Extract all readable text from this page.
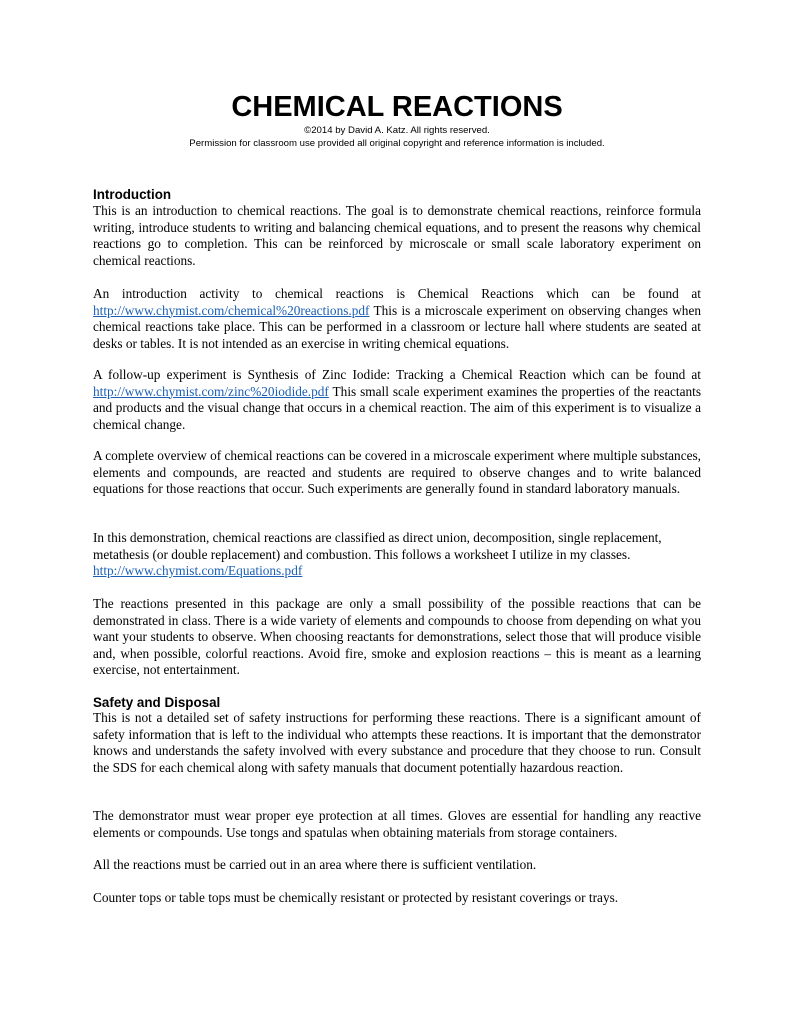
CHEMICAL REACTIONS

©2014 by David A. Katz. All rights reserved.

Permission for classroom use provided all original copyright and reference information is included.

Introduction

This is an introduction to chemical reactions. The goal is to demonstrate chemical reactions, reinforce formula writing, introduce students to writing and balancing chemical equations, and to present the reasons why chemical reactions go to completion. This can be reinforced by microscale or small scale laboratory experiment on chemical reactions.

An introduction activity to chemical reactions is Chemical Reactions which can be found at http://www.chymist.com/chemical%20reactions.pdf This is a microscale experiment on observing changes when chemical reactions take place. This can be performed in a classroom or lecture hall where students are seated at desks or tables. It is not intended as an exercise in writing chemical equations.

A follow-up experiment is Synthesis of Zinc Iodide: Tracking a Chemical Reaction which can be found at http://www.chymist.com/zinc%20iodide.pdf This small scale experiment examines the properties of the reactants and products and the visual change that occurs in a chemical reaction. The aim of this experiment is to visualize a chemical change.

A complete overview of chemical reactions can be covered in a microscale experiment where multiple substances, elements and compounds, are reacted and students are required to observe changes and to write balanced equations for those reactions that occur. Such experiments are generally found in standard laboratory manuals.

In this demonstration, chemical reactions are classified as direct union, decomposition, single replacement, metathesis (or double replacement) and combustion. This follows a worksheet I utilize in my classes. http://www.chymist.com/Equations.pdf

The reactions presented in this package are only a small possibility of the possible reactions that can be demonstrated in class. There is a wide variety of elements and compounds to choose from depending on what you want your students to observe. When choosing reactants for demonstrations, select those that will produce visible and, when possible, colorful reactions. Avoid fire, smoke and explosion reactions – this is meant as a learning exercise, not entertainment.

Safety and Disposal

This is not a detailed set of safety instructions for performing these reactions. There is a significant amount of safety information that is left to the individual who attempts these reactions. It is important that the demonstrator knows and understands the safety involved with every substance and procedure that they choose to run. Consult the SDS for each chemical along with safety manuals that document potentially hazardous reaction.

The demonstrator must wear proper eye protection at all times. Gloves are essential for handling any reactive elements or compounds. Use tongs and spatulas when obtaining materials from storage containers.

All the reactions must be carried out in an area where there is sufficient ventilation.

Counter tops or table tops must be chemically resistant or protected by resistant coverings or trays.
